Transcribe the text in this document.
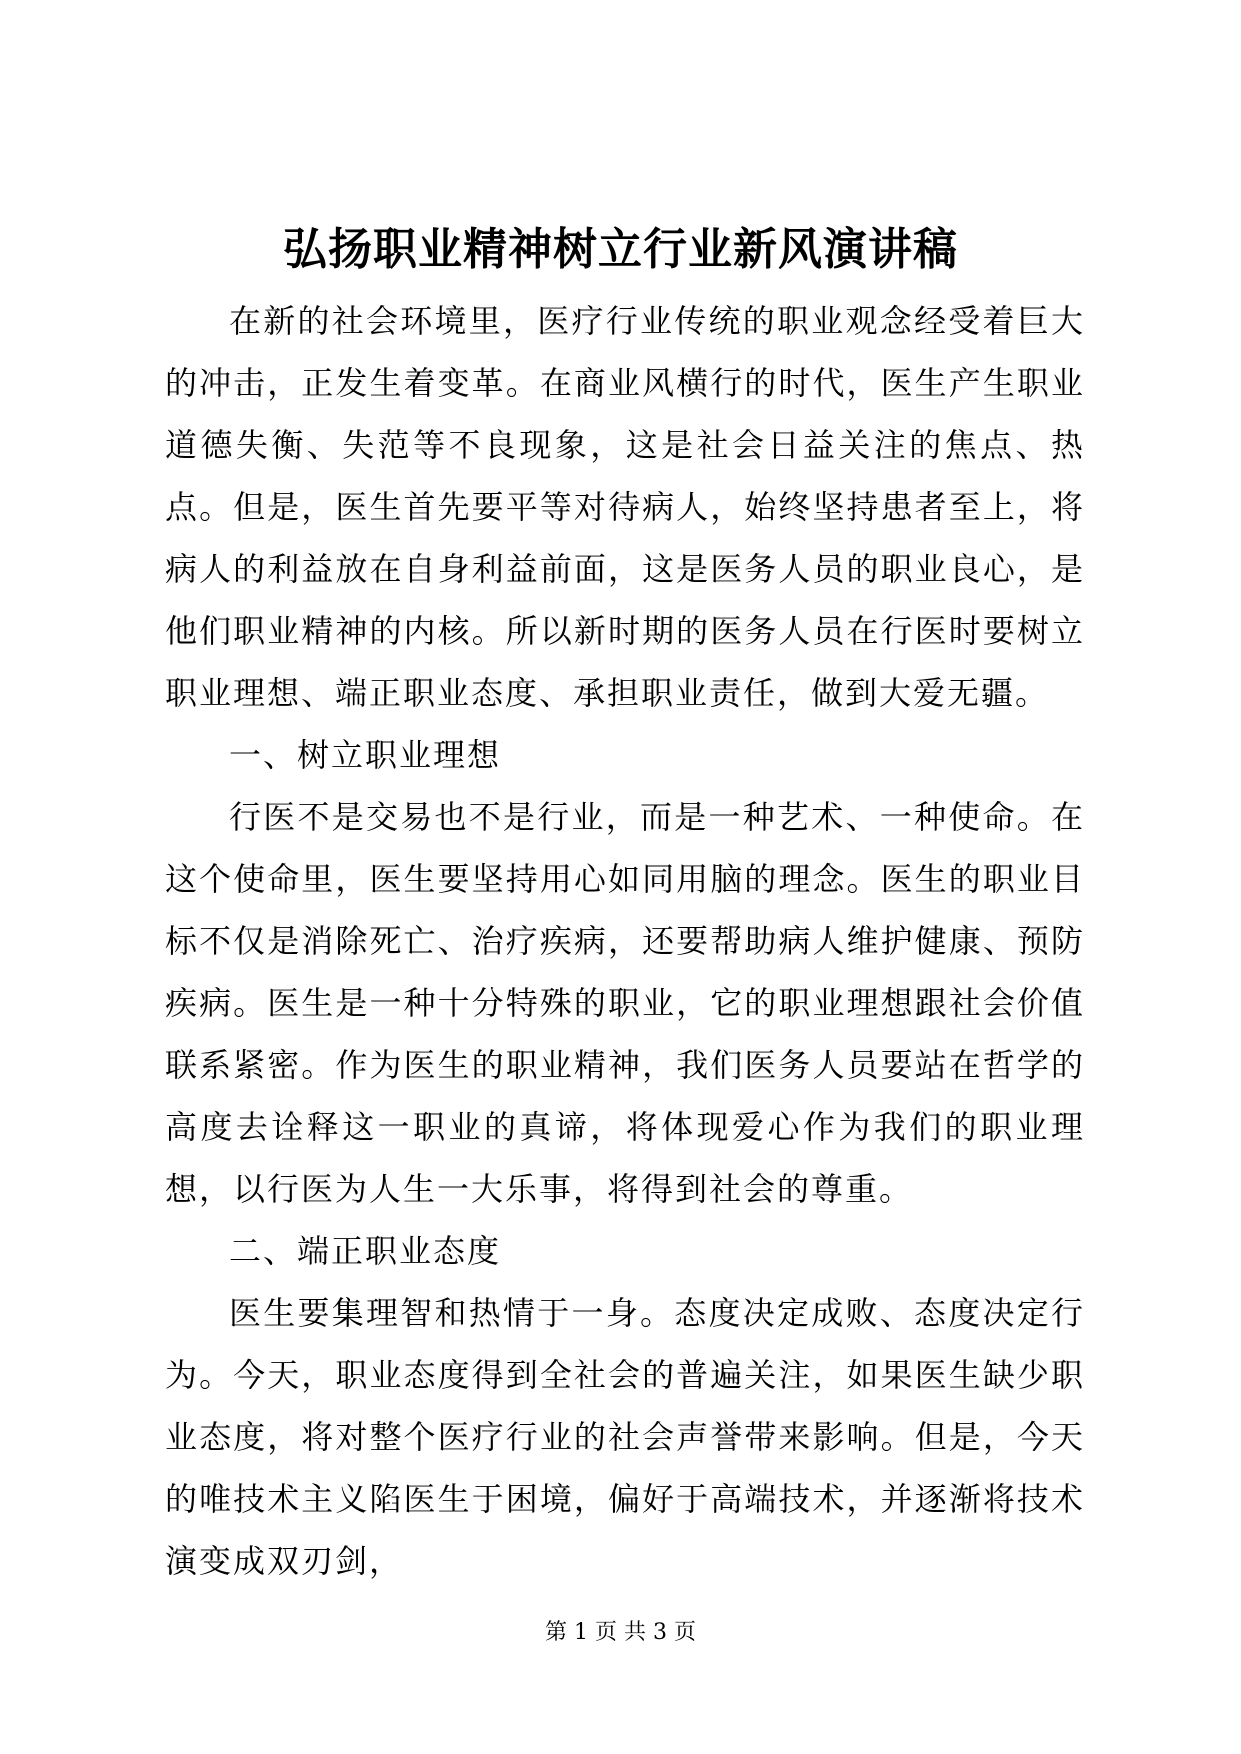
弘扬职业精神树立行业新风演讲稿

在新的社会环境里，医疗行业传统的职业观念经受着巨大的冲击，正发生着变革。在商业风横行的时代，医生产生职业道德失衡、失范等不良现象，这是社会日益关注的焦点、热点。但是，医生首先要平等对待病人，始终坚持患者至上，将病人的利益放在自身利益前面，这是医务人员的职业良心，是他们职业精神的内核。所以新时期的医务人员在行医时要树立职业理想、端正职业态度、承担职业责任，做到大爱无疆。

一、树立职业理想

行医不是交易也不是行业，而是一种艺术、一种使命。在这个使命里，医生要坚持用心如同用脑的理念。医生的职业目标不仅是消除死亡、治疗疾病，还要帮助病人维护健康、预防疾病。医生是一种十分特殊的职业，它的职业理想跟社会价值联系紧密。作为医生的职业精神，我们医务人员要站在哲学的高度去诠释这一职业的真谛，将体现爱心作为我们的职业理想，以行医为人生一大乐事，将得到社会的尊重。

二、端正职业态度

医生要集理智和热情于一身。态度决定成败、态度决定行为。今天，职业态度得到全社会的普遍关注，如果医生缺少职业态度，将对整个医疗行业的社会声誉带来影响。但是，今天的唯技术主义陷医生于困境，偏好于高端技术，并逐渐将技术演变成双刃剑，

第 1 页 共 3 页
